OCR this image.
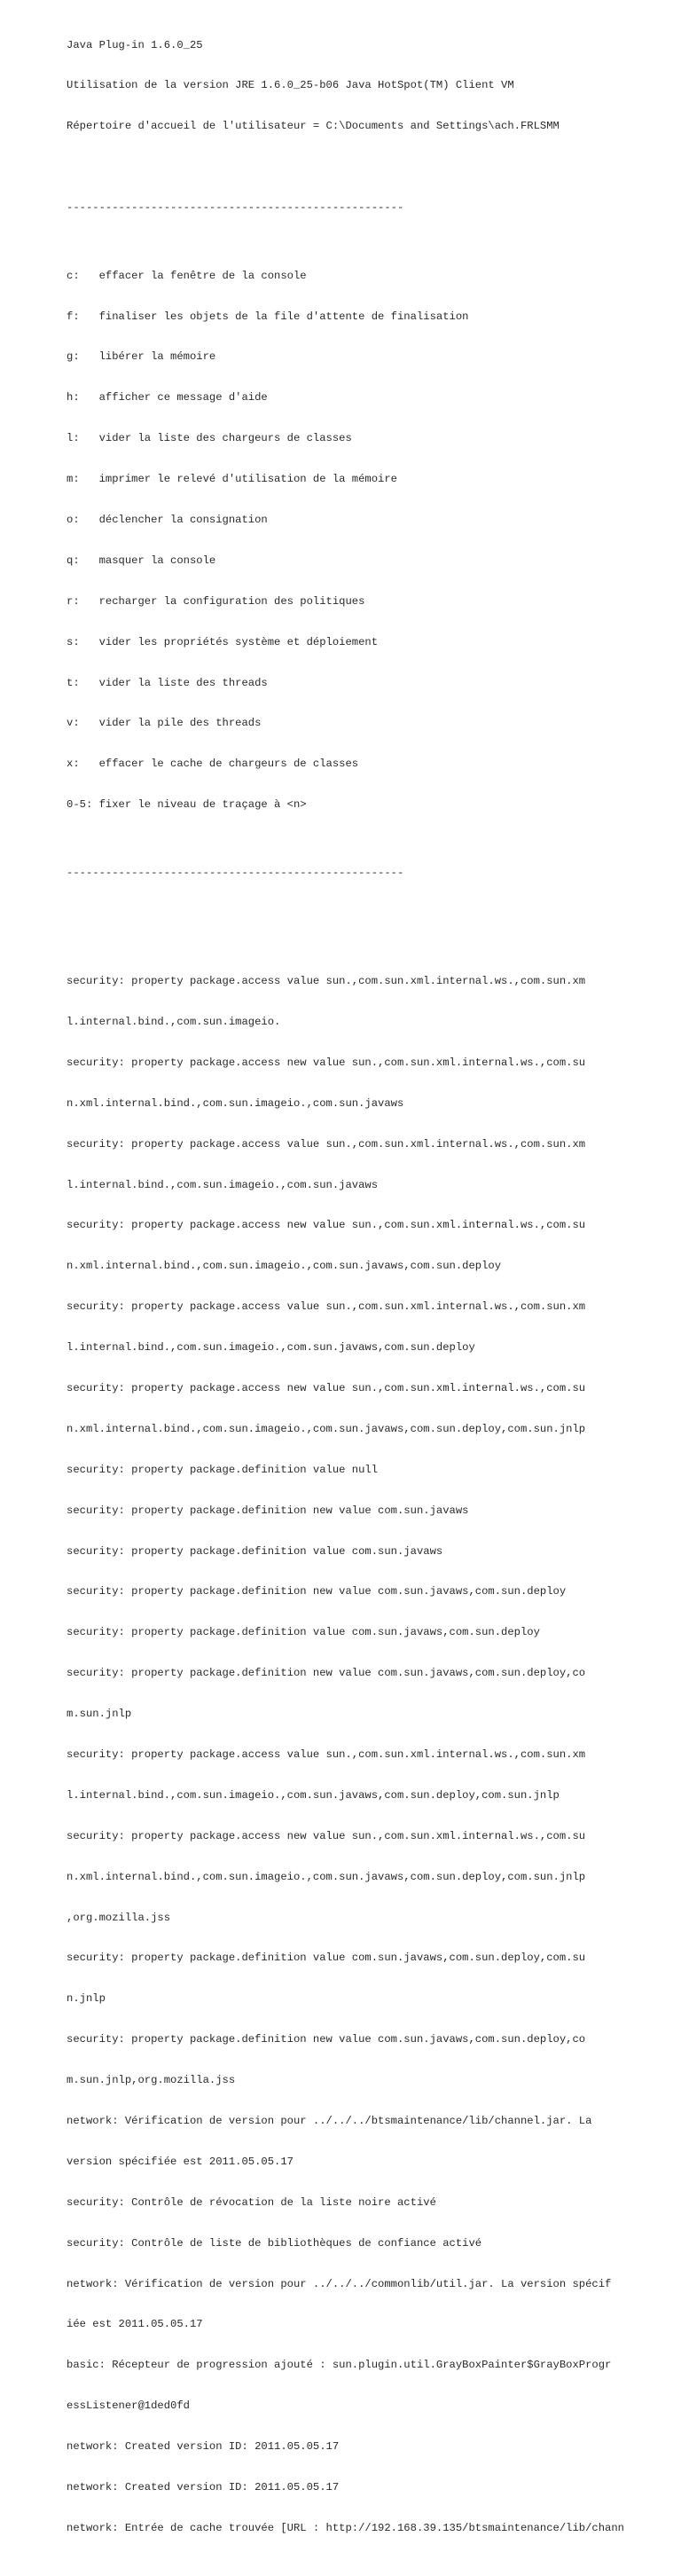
Java Plug-in 1.6.0_25

Utilisation de la version JRE 1.6.0_25-b06 Java HotSpot(TM) Client VM

Répertoire d'accueil de l'utilisateur = C:\Documents and Settings\ach.FRLSMM

----------------------------------------------------

c:   effacer la fenêtre de la console

f:   finaliser les objets de la file d'attente de finalisation

g:   libérer la mémoire

h:   afficher ce message d'aide

l:   vider la liste des chargeurs de classes

m:   imprimer le relevé d'utilisation de la mémoire

o:   déclencher la consignation

q:   masquer la console

r:   recharger la configuration des politiques

s:   vider les propriétés système et déploiement

t:   vider la liste des threads

v:   vider la pile des threads

x:   effacer le cache de chargeurs de classes

0-5: fixer le niveau de traçage à <n>

----------------------------------------------------

security: property package.access value sun.,com.sun.xml.internal.ws.,com.sun.xm

l.internal.bind.,com.sun.imageio.

security: property package.access new value sun.,com.sun.xml.internal.ws.,com.su

n.xml.internal.bind.,com.sun.imageio.,com.sun.javaws

security: property package.access value sun.,com.sun.xml.internal.ws.,com.sun.xm

l.internal.bind.,com.sun.imageio.,com.sun.javaws

security: property package.access new value sun.,com.sun.xml.internal.ws.,com.su

n.xml.internal.bind.,com.sun.imageio.,com.sun.javaws,com.sun.deploy

security: property package.access value sun.,com.sun.xml.internal.ws.,com.sun.xm

l.internal.bind.,com.sun.imageio.,com.sun.javaws,com.sun.deploy

security: property package.access new value sun.,com.sun.xml.internal.ws.,com.su

n.xml.internal.bind.,com.sun.imageio.,com.sun.javaws,com.sun.deploy,com.sun.jnlp

security: property package.definition value null

security: property package.definition new value com.sun.javaws

security: property package.definition value com.sun.javaws

security: property package.definition new value com.sun.javaws,com.sun.deploy

security: property package.definition value com.sun.javaws,com.sun.deploy

security: property package.definition new value com.sun.javaws,com.sun.deploy,co

m.sun.jnlp

security: property package.access value sun.,com.sun.xml.internal.ws.,com.sun.xm

l.internal.bind.,com.sun.imageio.,com.sun.javaws,com.sun.deploy,com.sun.jnlp

security: property package.access new value sun.,com.sun.xml.internal.ws.,com.su

n.xml.internal.bind.,com.sun.imageio.,com.sun.javaws,com.sun.deploy,com.sun.jnlp

,org.mozilla.jss

security: property package.definition value com.sun.javaws,com.sun.deploy,com.su

n.jnlp

security: property package.definition new value com.sun.javaws,com.sun.deploy,co

m.sun.jnlp,org.mozilla.jss

network: Vérification de version pour ../../../btsmaintenance/lib/channel.jar. La

version spécifiée est 2011.05.05.17

security: Contrôle de révocation de la liste noire activé

security: Contrôle de liste de bibliothèques de confiance activé

network: Vérification de version pour ../../../commonlib/util.jar. La version spécif

iée est 2011.05.05.17

basic: Récepteur de progression ajouté : sun.plugin.util.GrayBoxPainter$GrayBoxProgr

essListener@1ded0fd

network: Created version ID: 2011.05.05.17

network: Created version ID: 2011.05.05.17

network: Entrée de cache trouvée [URL : http://192.168.39.135/btsmaintenance/lib/chann
